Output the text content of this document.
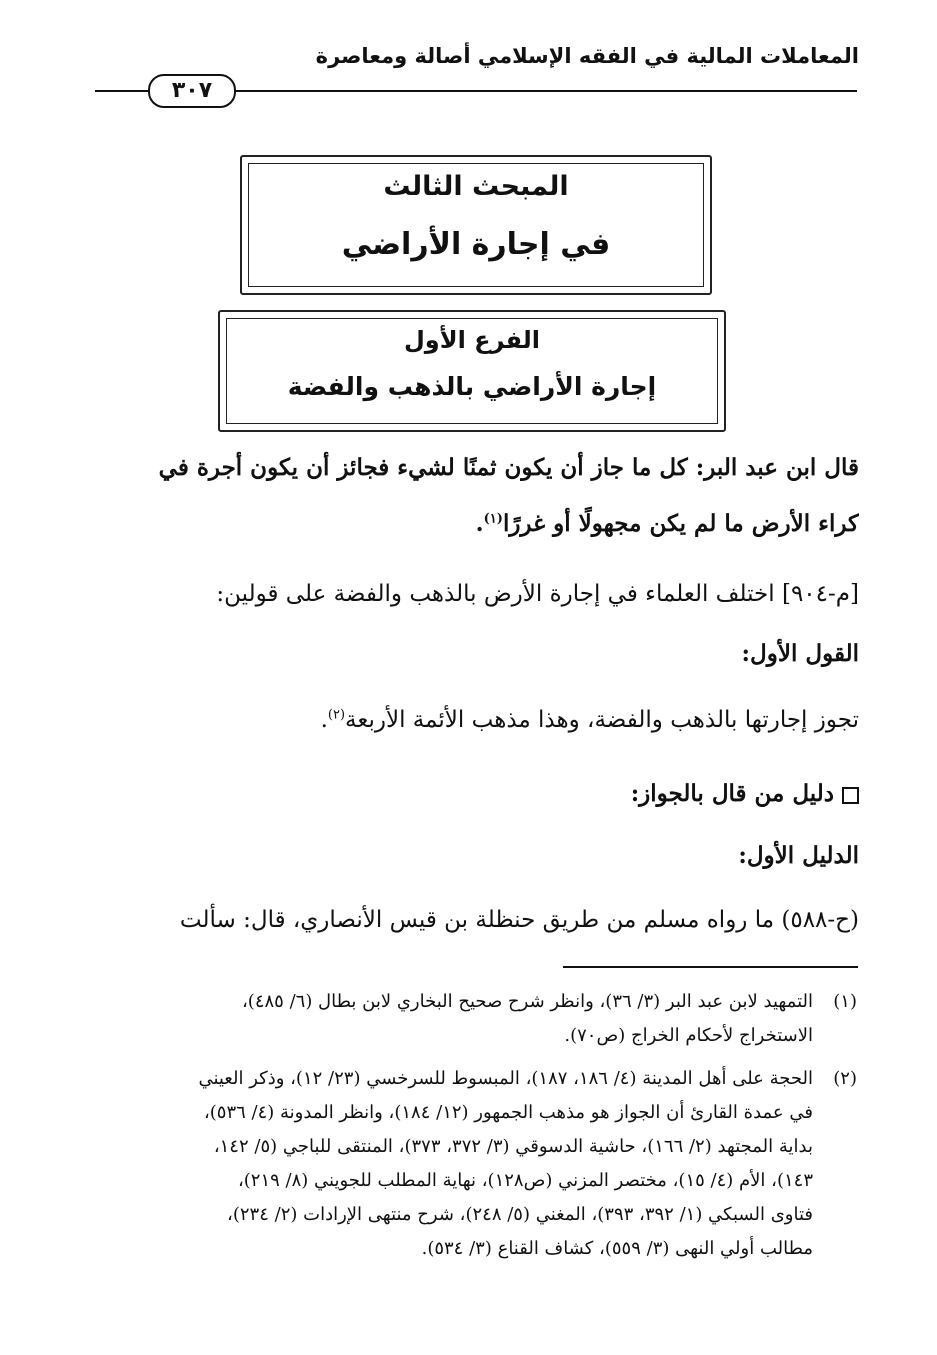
المعاملات المالية في الفقه الإسلامي أصالة ومعاصرة
٣٠٧
المبحث الثالث
في إجارة الأراضي
الفرع الأول
إجارة الأراضي بالذهب والفضة
قال ابن عبد البر: كل ما جاز أن يكون ثمنًا لشيء فجائز أن يكون أجرة في
كراء الأرض ما لم يكن مجهولًا أو غررًا$^{(١)}$.
[م-٩٠٤] اختلف العلماء في إجارة الأرض بالذهب والفضة على قولين:
القول الأول:
تجوز إجارتها بالذهب والفضة، وهذا مذهب الأئمة الأربعة$^{(٢)}$.
دليل من قال بالجواز:
الدليل الأول:
(ح-٥٨٨) ما رواه مسلم من طريق حنظلة بن قيس الأنصاري، قال: سألت
(١)
التمهيد لابن عبد البر (٣/ ٣٦)، وانظر شرح صحيح البخاري لابن بطال (٦/ ٤٨٥)،
الاستخراج لأحكام الخراج (ص٧٠).
(٢)
الحجة على أهل المدينة (٤/ ١٨٦، ١٨٧)، المبسوط للسرخسي (٢٣/ ١٢)، وذكر العيني
في عمدة القارئ أن الجواز هو مذهب الجمهور (١٢/ ١٨٤)، وانظر المدونة (٤/ ٥٣٦)،
بداية المجتهد (٢/ ١٦٦)، حاشية الدسوقي (٣/ ٣٧٢، ٣٧٣)، المنتقى للباجي (٥/ ١٤٢،
١٤٣)، الأم (٤/ ١٥)، مختصر المزني (ص١٢٨)، نهاية المطلب للجويني (٨/ ٢١٩)،
فتاوى السبكي (١/ ٣٩٢، ٣٩٣)، المغني (٥/ ٢٤٨)، شرح منتهى الإرادات (٢/ ٢٣٤)،
مطالب أولي النهى (٣/ ٥٥٩)، كشاف القناع (٣/ ٥٣٤).
